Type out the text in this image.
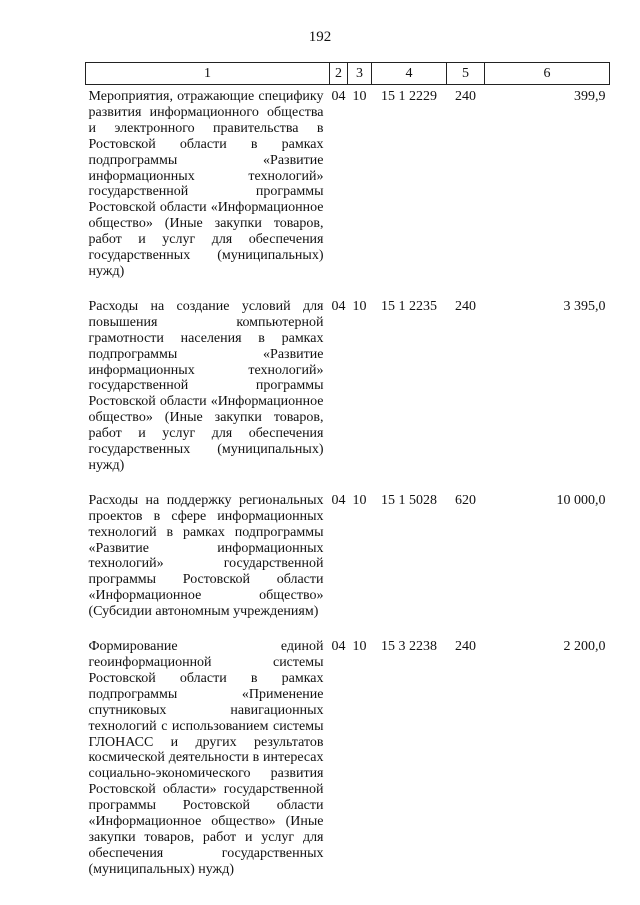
192
1	2	3	4	5	6
Мероприятия, отражающие специфику развития информационного общества и электронного правительства в Ростовской области в рамках подпрограммы «Развитие информационных технологий» государственной программы Ростовской области «Информационное общество» (Иные закупки товаров, работ и услуг для обеспечения государственных (муниципальных) нужд)	04	10	15 1 2229	240	399,9
Расходы на создание условий для повышения компьютерной грамотности населения в рамках подпрограммы «Развитие информационных технологий» государственной программы Ростовской области «Информационное общество» (Иные закупки товаров, работ и услуг для обеспечения государственных (муниципальных) нужд)	04	10	15 1 2235	240	3 395,0
Расходы на поддержку региональных проектов в сфере информационных технологий в рамках подпрограммы «Развитие информационных технологий» государственной программы Ростовской области «Информационное общество» (Субсидии автономным учреждениям)	04	10	15 1 5028	620	10 000,0
Формирование единой геоинформационной системы Ростовской области в рамках подпрограммы «Применение спутниковых навигационных технологий с использованием системы ГЛОНАСС и других результатов космической деятельности в интересах социально-экономического развития Ростовской области» государственной программы Ростовской области «Информационное общество» (Иные закупки товаров, работ и услуг для обеспечения государственных (муниципальных) нужд)	04	10	15 3 2238	240	2 200,0
